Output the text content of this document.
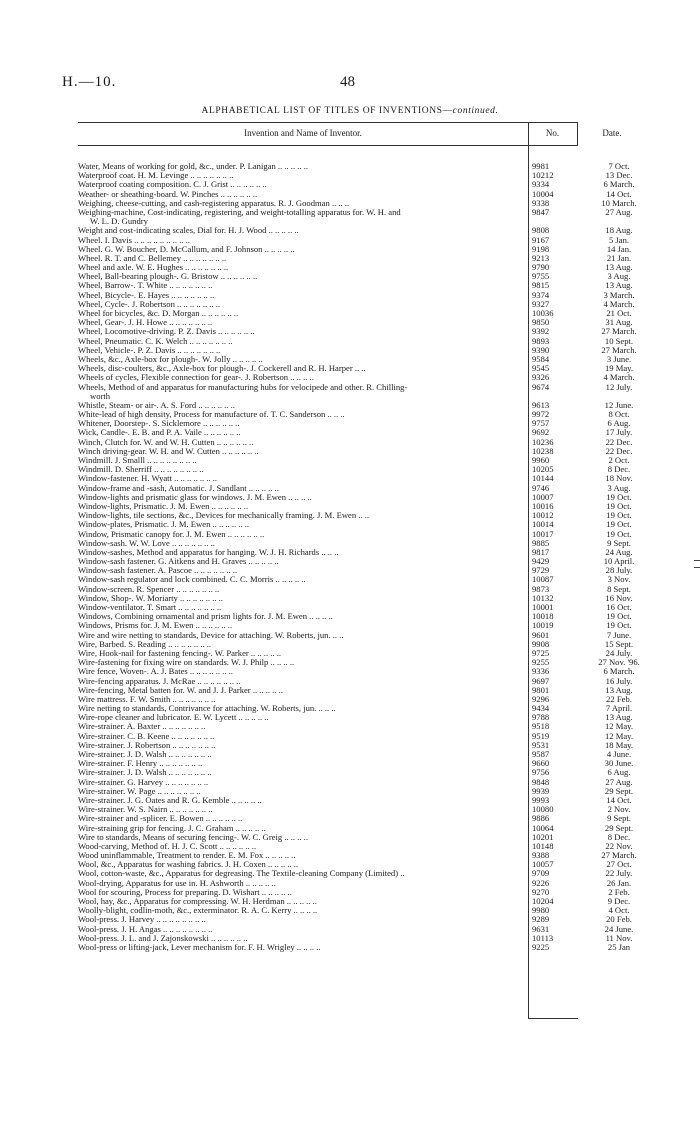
H.—10.	48
ALPHABETICAL LIST OF TITLES OF INVENTIONS—continued.
Invention and Name of Inventor.	No.	Date.
Water, Means of working for gold, &c., under. P. Lanigan .. .. .. .. ..	9981	7 Oct.
Waterproof coat. H. M. Levinge .. .. .. .. .. .. ..	10212	13 Dec.
Waterproof coating composition. C. J. Grist .. .. .. .. .. ..	9334	6 March.
Weather- or sheathing-board. W. Pinches .. .. .. .. .. ..	10004	14 Oct.
Weighing, cheese-cutting, and cash-registering apparatus. R. J. Goodman .. .. ..	9338	10 March.
Weighing-machine, Cost-indicating, registering, and weight-totalling apparatus for. W. H. and
W. L. D. Gundry
9847	27 Aug.
Weight and cost-indicating scales, Dial for. H. J. Wood .. .. .. .. ..	9808	18 Aug.
Wheel. I. Davis .. .. .. .. .. .. .. .. ..	9167	5 Jan.
Wheel. G. W. Boucher, D. McCallum, and F. Johnson .. .. .. .. ..	9198	14 Jan.
Wheel. R. T. and C. Bellemey .. .. .. .. .. .. ..	9213	21 Jan.
Wheel and axle. W. E. Hughes .. .. .. .. .. .. ..	9790	13 Aug.
Wheel, Ball-bearing plough-. G. Bristow .. .. .. .. .. ..	9755	3 Aug.
Wheel, Barrow-. T. White .. .. .. .. .. .. ..	9815	13 Aug.
Wheel, Bicycle-. E. Hayes .. .. .. .. .. .. ..	9374	3 March.
Wheel, Cycle-. J. Robertson .. .. .. .. .. .. ..	9327	4 March.
Wheel for bicycles, &c. D. Morgan .. .. .. .. .. ..	10036	21 Oct.
Wheel, Gear-. J. H. Howe .. .. .. .. .. .. ..	9850	31 Aug.
Wheel, Locomotive-driving. P. Z. Davis .. .. .. .. .. ..	9392	27 March.
Wheel, Pneumatic. C. K. Welch .. .. .. .. .. .. ..	9893	10 Sept.
Wheel, Vehicle-. P. Z. Davis .. .. .. .. .. .. ..	9390	27 March.
Wheels, &c., Axle-box for plough-. W. Jolly .. .. .. .. ..	9584	3 June.
Wheels, disc-coulters, &c., Axle-box for plough-. J. Cockerell and R. H. Harper .. ..	9545	19 May.
Wheels of cycles, Flexible connection for gear-. J. Robertson .. .. .. ..	9326	4 March.
Wheels, Method of and apparatus for manufacturing hubs for velocipede and other. R. Chilling-
worth
9674	12 July.
Whistle, Steam- or air-. A. S. Ford .. .. .. .. .. ..	9613	12 June.
White-lead of high density, Process for manufacture of. T. C. Sanderson .. .. ..	9972	8 Oct.
Whitener, Doorstep-. S. Sicklemore .. .. .. .. .. ..	9757	6 Aug.
Wick, Candle-. E. B. and P. A. Vaile .. .. .. .. .. ..	9692	17 July.
Winch, Clutch for. W. and W. H. Cutten .. .. .. .. .. ..	10236	22 Dec.
Winch driving-gear. W. H. and W. Cutten .. .. .. .. .. ..	10238	22 Dec.
Windmill. J. Smalll .. .. .. .. .. .. .. ..	9960	2 Oct.
Windmill. D. Sherriff .. .. .. .. .. .. .. ..	10205	8 Dec.
Window-fastener. H. Wyatt .. .. .. .. .. .. ..	10144	18 Nov.
Window-frame and -sash, Automatic. J. Sandlant .. .. .. .. ..	9746	3 Aug.
Window-lights and prismatic glass for windows. J. M. Ewen .. .. .. ..	10007	19 Oct.
Window-lights, Prismatic. J. M. Ewen .. .. .. .. .. ..	10016	19 Oct.
Window-lights, tile sections, &c., Devices for mechanically framing. J. M. Ewen .. ..	10012	19 Oct.
Window-plates, Prismatic. J. M. Ewen .. .. .. .. .. ..	10014	19 Oct.
Window, Prismatic canopy for. J. M. Ewen .. .. .. .. .. ..	10017	19 Oct.
Window-sash. W. W. Love .. .. .. .. .. .. ..	9885	9 Sept.
Window-sashes, Method and apparatus for hanging. W. J. H. Richards .. .. ..	9817	24 Aug.
Window-sash fastener. G. Aitkens and H. Graves .. .. .. .. ..	9429	10 April.
Window-sash fastener. A. Pascoe .. .. .. .. .. .. ..	9729	28 July.
Window-sash regulator and lock combined. C. C. Morris .. .. .. .. ..	10087	3 Nov.
Window-screen. R. Spencer .. .. .. .. .. .. ..	9873	8 Sept.
Window, Shop-. W. Moriarty .. .. .. .. .. .. ..	10132	16 Nov.
Window-ventilator. T. Smart .. .. .. .. .. .. ..	10001	16 Oct.
Windows, Combining ornamental and prism lights for. J. M. Ewen .. .. .. ..	10018	19 Oct.
Windows, Prisms for. J. M. Ewen .. .. .. .. .. ..	10019	19 Oct.
Wire and wire netting to standards, Device for attaching. W. Roberts, jun. .. ..	9601	7 June.
Wire, Barbed. S. Reading .. .. .. .. .. .. ..	9908	15 Sept.
Wire, Hook-nail for fastening fencing-. W. Parker .. .. .. .. ..	9725	24 July.
Wire-fastening for fixing wire on standards. W. J. Philp .. .. .. ..	9255	27 Nov. '96.
Wire fence, Woven-. A. J. Bates .. .. .. .. .. .. ..	9336	6 March.
Wire-fencing apparatus. J. McRae .. .. .. .. .. .. ..	9697	16 July.
Wire-fencing, Metal batten for. W. and J. J. Parker .. .. .. .. ..	9801	13 Aug.
Wire mattress. F. W. Smith .. .. .. .. .. .. ..	9296	22 Feb.
Wire netting to standards, Contrivance for attaching. W. Roberts, jun. .. .. ..	9434	7 April.
Wire-rope cleaner and lubricator. E. W. Lycett .. .. .. .. ..	9788	13 Aug.
Wire-strainer. A. Baxter .. .. .. .. .. .. ..	9518	12 May.
Wire-strainer. C. B. Keene .. .. .. .. .. .. ..	9519	12 May.
Wire-strainer. J. Robertson .. .. .. .. .. .. ..	9531	18 May.
Wire-strainer. J. D. Walsh .. .. .. .. .. .. ..	9587	4 June.
Wire-strainer. F. Henry .. .. .. .. .. .. ..	9660	30 June.
Wire-strainer. J. D. Walsh .. .. .. .. .. .. ..	9756	6 Aug.
Wire-strainer. G. Harvey .. .. .. .. .. .. ..	9848	27 Aug.
Wire-strainer. W. Page .. .. .. .. .. .. ..	9939	29 Sept.
Wire-strainer. J. G. Oates and R. G. Kemble .. .. .. .. ..	9993	14 Oct.
Wire-strainer. W. S. Nairn .. .. .. .. .. .. ..	10080	2 Nov.
Wire-strainer and -splicer. E. Bowen .. .. .. .. .. ..	9886	9 Sept.
Wire-straining grip for fencing. J. C. Graham .. .. .. .. ..	10064	29 Sept.
Wire to standards, Means of securing fencing-. W. C. Greig .. .. .. ..	10201	8 Dec.
Wood-carving, Method of. H. J. C. Scott .. .. .. .. .. ..	10148	22 Nov.
Wood uninflammable, Treatment to render. E. M. Fox .. .. .. .. ..	9388	27 March.
Wool, &c., Apparatus for washing fabrics. J. H. Coxen .. .. .. .. ..	10057	27 Oct.
Wool, cotton-waste, &c., Apparatus for degreasing. The Textile-cleaning Company (Limited) ..	9709	22 July.
Wool-drying, Apparatus for use in. H. Ashworth .. .. .. .. ..	9226	26 Jan.
Wool for scouring, Process for preparing. D. Wishart .. .. .. .. ..	9270	2 Feb.
Wool, hay, &c., Apparatus for compressing. W. H. Herdman .. .. .. .. ..	10204	9 Dec.
Woolly-blight, codlin-moth, &c., exterminator. R. A. C. Kerry .. .. .. ..	9980	4 Oct.
Wool-press. J. Harvey .. .. .. .. .. .. .. ..	9289	20 Feb.
Wool-press. J. H. Angas .. .. .. .. .. .. .. ..	9631	24 June.
Wool-press. J. L. and J. Zajonskowski .. .. .. .. .. ..	10113	11 Nov.
Wool-press or lifting-jack, Lever mechanism for. F. H. Wrigley .. .. .. ..	9225	25 Jan
